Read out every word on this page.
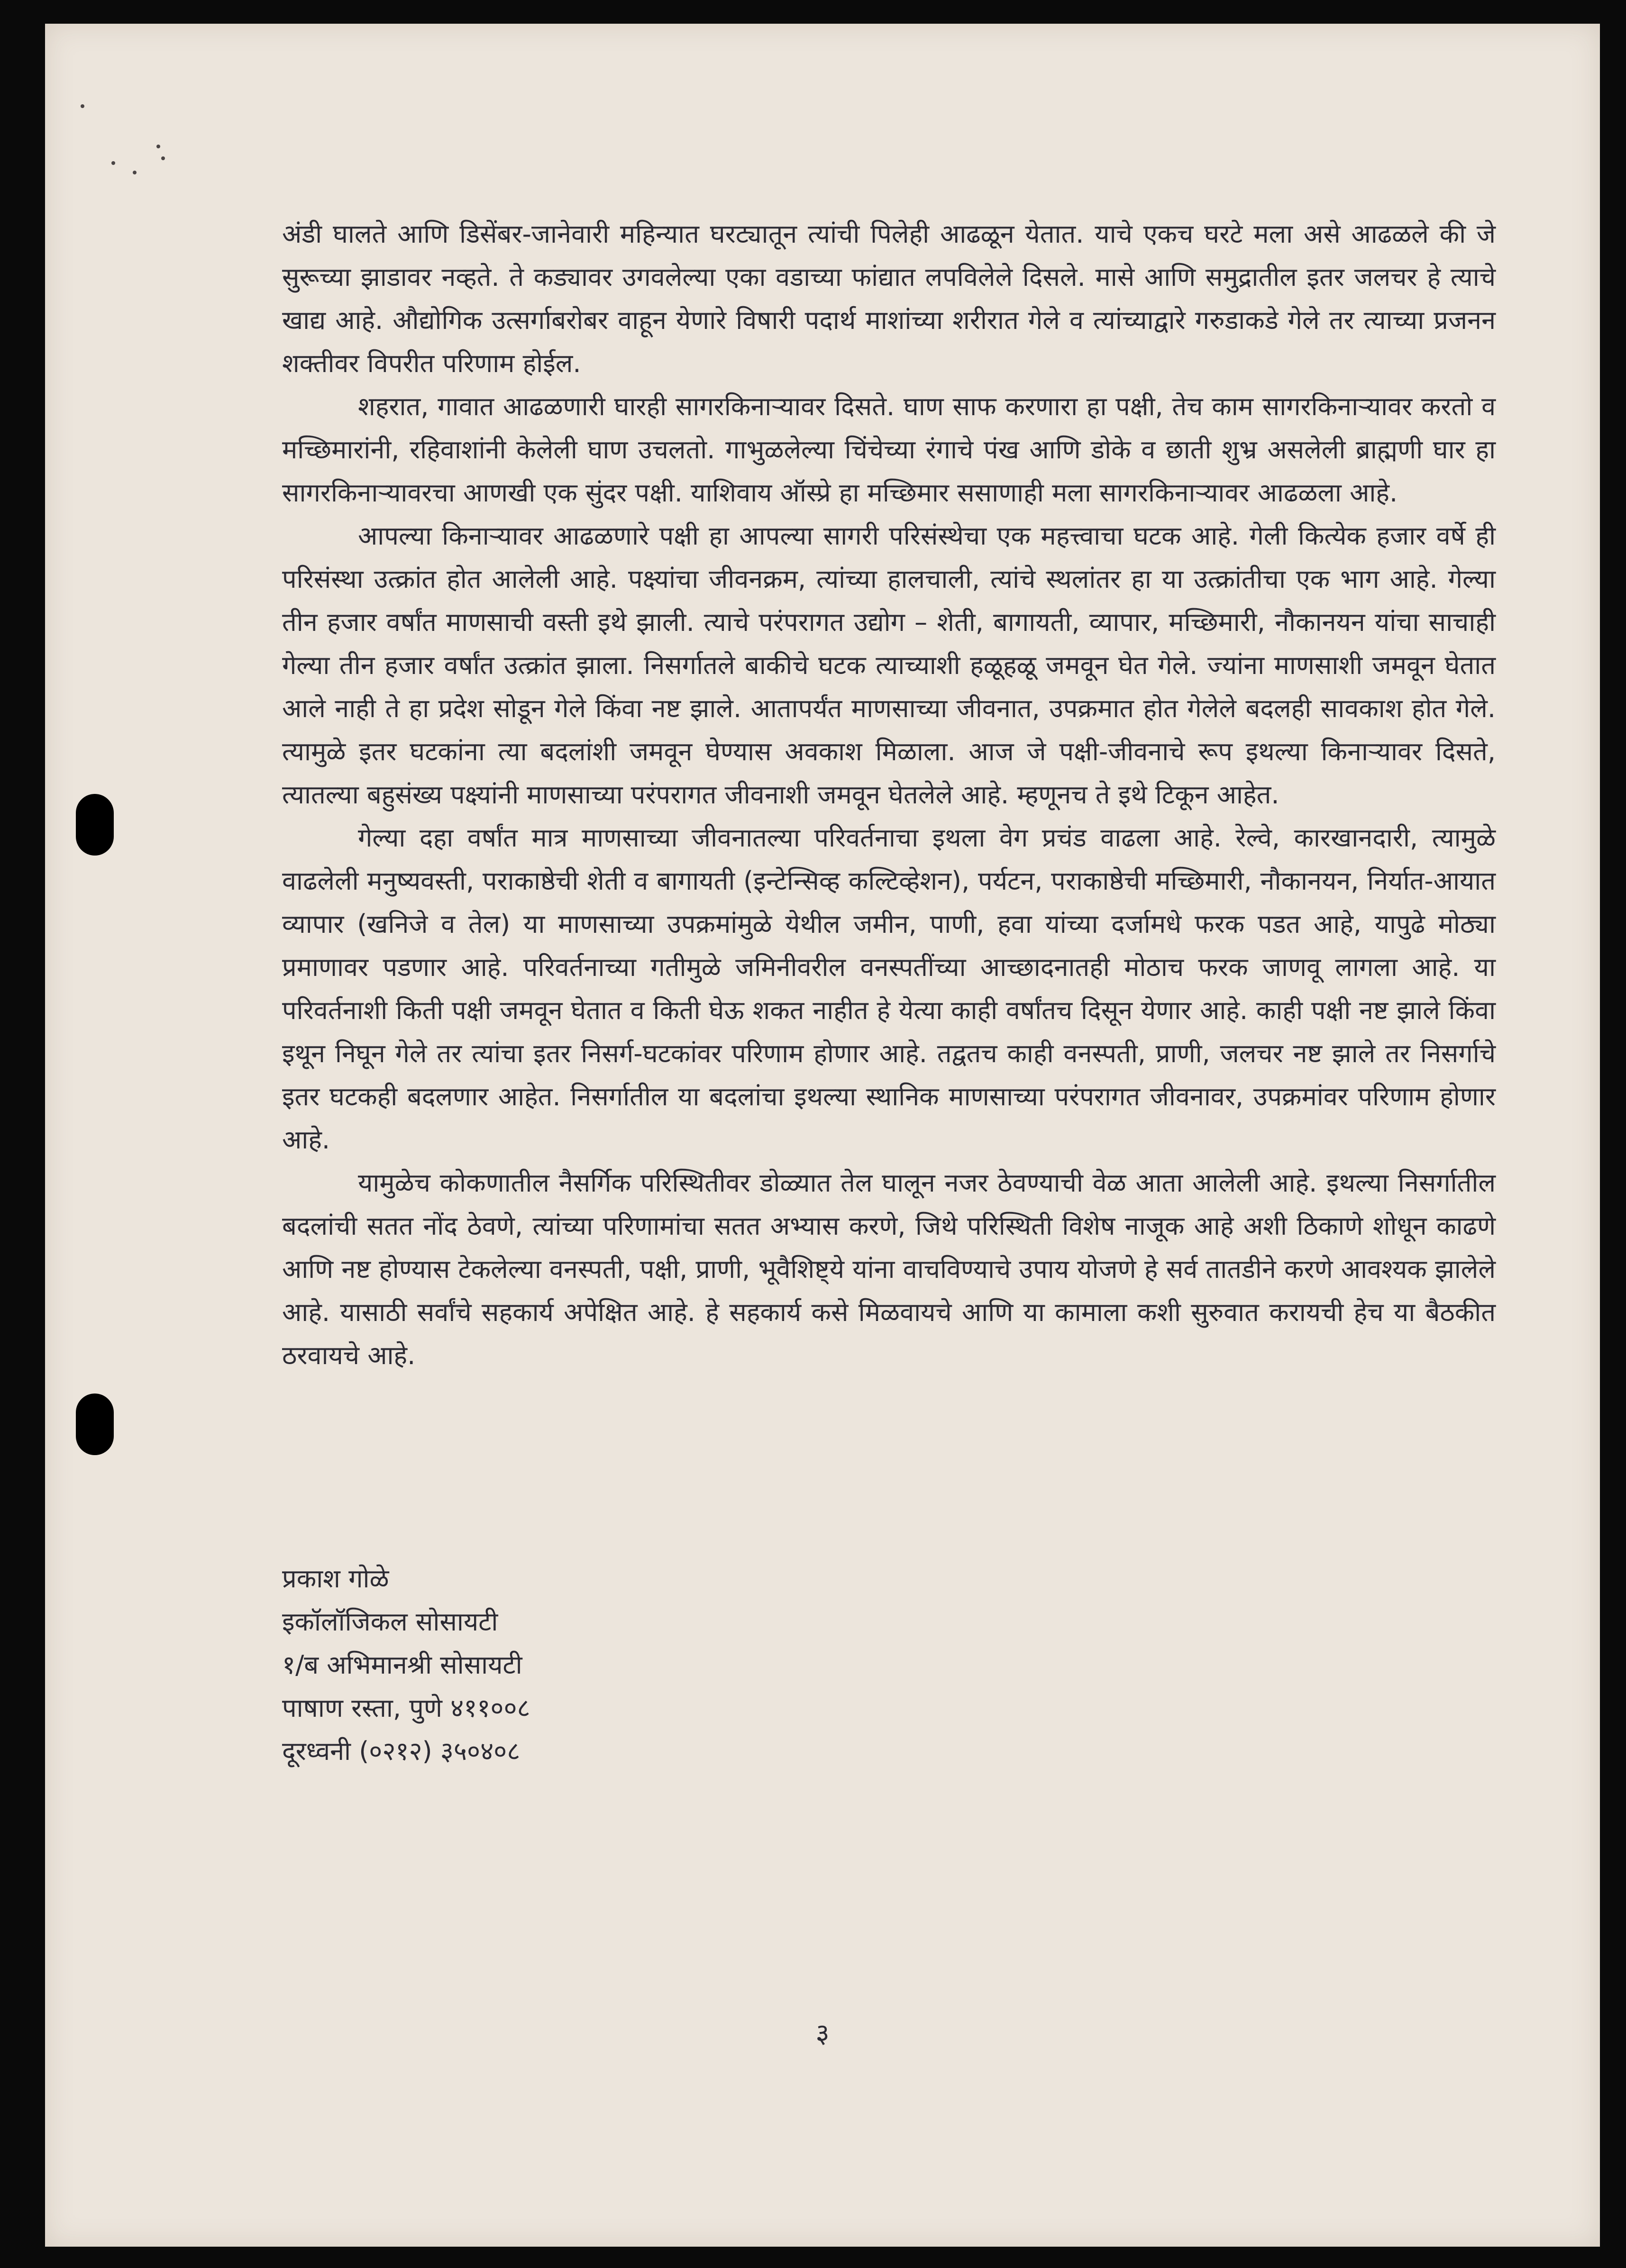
अंडी घालते आणि डिसेंबर-जानेवारी महिन्यात घरट्यातून त्यांची पिलेही आढळून येतात. याचे एकच घरटे मला असे आढळले की जे सुरूच्या झाडावर नव्हते. ते कड्यावर उगवलेल्या एका वडाच्या फांद्यात लपविलेले दिसले. मासे आणि समुद्रातील इतर जलचर हे त्याचे खाद्य आहे. औद्योगिक उत्सर्गाबरोबर वाहून येणारे विषारी पदार्थ माशांच्या शरीरात गेले व त्यांच्याद्वारे गरुडाकडे गेले तर त्याच्या प्रजनन शक्तीवर विपरीत परिणाम होईल.

शहरात, गावात आढळणारी घारही सागरकिनाऱ्यावर दिसते. घाण साफ करणारा हा पक्षी, तेच काम सागरकिनाऱ्यावर करतो व मच्छिमारांनी, रहिवाशांनी केलेली घाण उचलतो. गाभुळलेल्या चिंचेच्या रंगाचे पंख आणि डोके व छाती शुभ्र असलेली ब्राह्मणी घार हा सागरकिनाऱ्यावरचा आणखी एक सुंदर पक्षी. याशिवाय ऑस्प्रे हा मच्छिमार ससाणाही मला सागरकिनाऱ्यावर आढळला आहे.

आपल्या किनाऱ्यावर आढळणारे पक्षी हा आपल्या सागरी परिसंस्थेचा एक महत्त्वाचा घटक आहे. गेली कित्येक हजार वर्षे ही परिसंस्था उत्क्रांत होत आलेली आहे. पक्ष्यांचा जीवनक्रम, त्यांच्या हालचाली, त्यांचे स्थलांतर हा या उत्क्रांतीचा एक भाग आहे. गेल्या तीन हजार वर्षांत माणसाची वस्ती इथे झाली. त्याचे परंपरागत उद्योग – शेती, बागायती, व्यापार, मच्छिमारी, नौकानयन यांचा साचाही गेल्या तीन हजार वर्षांत उत्क्रांत झाला. निसर्गातले बाकीचे घटक त्याच्याशी हळूहळू जमवून घेत गेले. ज्यांना माणसाशी जमवून घेतात आले नाही ते हा प्रदेश सोडून गेले किंवा नष्ट झाले. आतापर्यंत माणसाच्या जीवनात, उपक्रमात होत गेलेले बदलही सावकाश होत गेले. त्यामुळे इतर घटकांना त्या बदलांशी जमवून घेण्यास अवकाश मिळाला. आज जे पक्षी-जीवनाचे रूप इथल्या किनाऱ्यावर दिसते, त्यातल्या बहुसंख्य पक्ष्यांनी माणसाच्या परंपरागत जीवनाशी जमवून घेतलेले आहे. म्हणूनच ते इथे टिकून आहेत.

गेल्या दहा वर्षांत मात्र माणसाच्या जीवनातल्या परिवर्तनाचा इथला वेग प्रचंड वाढला आहे. रेल्वे, कारखानदारी, त्यामुळे वाढलेली मनुष्यवस्ती, पराकाष्ठेची शेती व बागायती (इन्टेन्सिव्ह कल्टिव्हेशन), पर्यटन, पराकाष्ठेची मच्छिमारी, नौकानयन, निर्यात-आयात व्यापार (खनिजे व तेल) या माणसाच्या उपक्रमांमुळे येथील जमीन, पाणी, हवा यांच्या दर्जामधे फरक पडत आहे, यापुढे मोठ्या प्रमाणावर पडणार आहे. परिवर्तनाच्या गतीमुळे जमिनीवरील वनस्पतींच्या आच्छादनातही मोठाच फरक जाणवू लागला आहे. या परिवर्तनाशी किती पक्षी जमवून घेतात व किती घेऊ शकत नाहीत हे येत्या काही वर्षांतच दिसून येणार आहे. काही पक्षी नष्ट झाले किंवा इथून निघून गेले तर त्यांचा इतर निसर्ग-घटकांवर परिणाम होणार आहे. तद्वतच काही वनस्पती, प्राणी, जलचर नष्ट झाले तर निसर्गाचे इतर घटकही बदलणार आहेत. निसर्गातील या बदलांचा इथल्या स्थानिक माणसाच्या परंपरागत जीवनावर, उपक्रमांवर परिणाम होणार आहे.

यामुळेच कोकणातील नैसर्गिक परिस्थितीवर डोळ्यात तेल घालून नजर ठेवण्याची वेळ आता आलेली आहे. इथल्या निसर्गातील बदलांची सतत नोंद ठेवणे, त्यांच्या परिणामांचा सतत अभ्यास करणे, जिथे परिस्थिती विशेष नाजूक आहे अशी ठिकाणे शोधून काढणे आणि नष्ट होण्यास टेकलेल्या वनस्पती, पक्षी, प्राणी, भूवैशिष्ट्ये यांना वाचविण्याचे उपाय योजणे हे सर्व तातडीने करणे आवश्यक झालेले आहे. यासाठी सर्वांचे सहकार्य अपेक्षित आहे. हे सहकार्य कसे मिळवायचे आणि या कामाला कशी सुरुवात करायची हेच या बैठकीत ठरवायचे आहे.

प्रकाश गोळे
इकॉलॉजिकल सोसायटी
१/ब अभिमानश्री सोसायटी
पाषाण रस्ता, पुणे ४११००८
दूरध्वनी (०२१२) ३५०४०८
३
